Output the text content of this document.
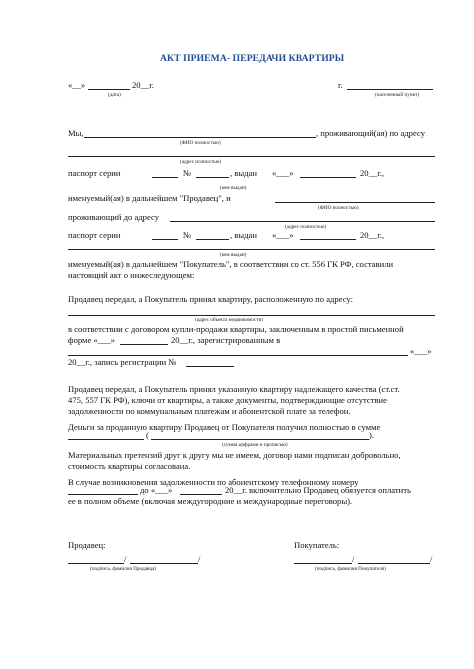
АКТ ПРИЕМА- ПЕРЕДАЧИ КВАРТИРЫ
«__»	20__г.	г.
(дата)	(населенный пункт)
Мы,	, проживающий(ая) по адресу
(ФИО полностью)
(адрес полностью)
паспорт серии	№	, выдан «___»	20__г.,
(кем выдан)
именуемый(ая) в дальнейшем "Продавец", и
(ФИО полностью)
проживающий до адресу
(адрес полностью)
паспорт серии	№	, выдан «___»	20__г.,
(кем выдан)
именуемый(ая) в дальнейшем "Покупатель", в соответствии со ст. 556 ГК РФ, составили
настоящий акт о нижеследующем:
Продавец передал, а Покупатель принял квартиру, расположенную по адресу:
(адрес объекта недвижимости)
в соответствии с договором купли-продажи квартиры, заключенным в простой письменной
форме «___»	20__г., зарегистрированным в
«___»
20__г., запись регистрации №
Продавец передал, а Покупатель принял указанную квартиру надлежащего качества (ст.ст.
475, 557 ГК РФ), ключи от квартиры, а также документы, подтверждающие отсутствие
задолженности по коммунальным платежам и абонентской плате за телефон.
Деньги за проданную квартиру Продавец от Покупателя получил полностью в сумме
(	).
(сумма цифрами и прописью)
Материальных претензий друг к другу мы не имеем, договор нами подписан добровольно,
стоимость квартиры согласована.
В случае возникновения задолженности по абонентскому телефонному номеру
до «___»	20__г. включительно Продавец обязуется оплатить
ее в полном объеме (включая междугородние и международные переговоры).
Продавец:	Покупатель:
/	/
(подпись, фамилия Продавца)
/	/
(подпись, фамилия Покупателя)
